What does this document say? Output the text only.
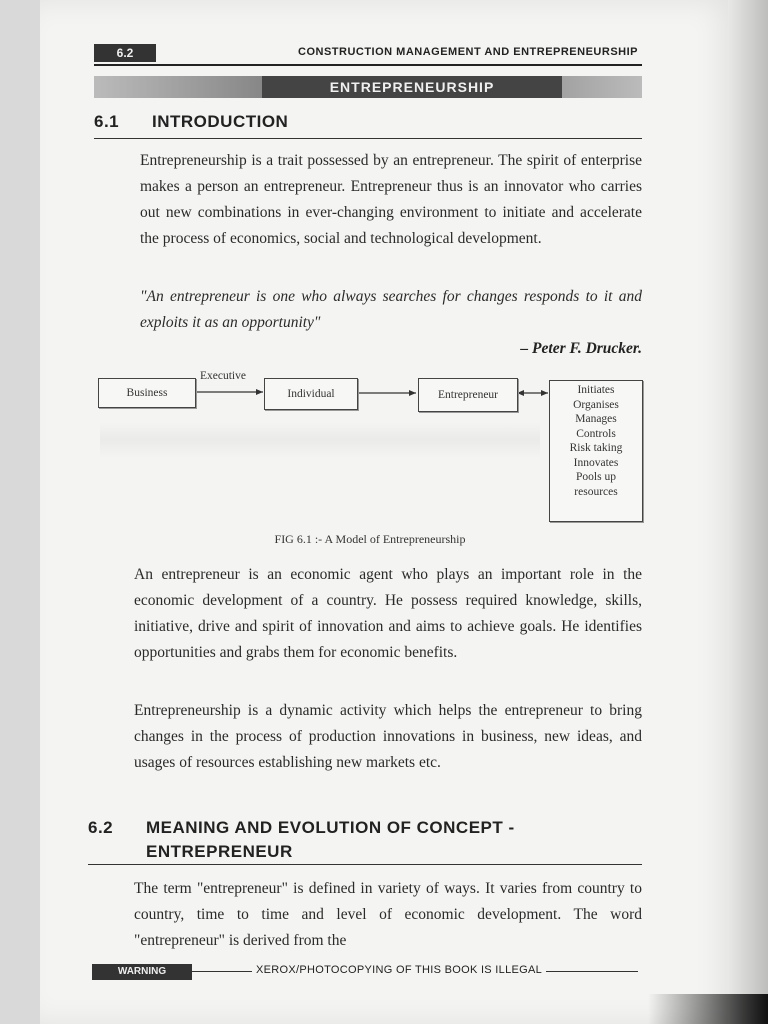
6.2	CONSTRUCTION MANAGEMENT AND ENTREPRENEURSHIP
ENTREPRENEURSHIP
6.1 INTRODUCTION

Entrepreneurship is a trait possessed by an entrepreneur. The spirit of enterprise makes a person an entrepreneur. Entrepreneur thus is an innovator who carries out new combinations in ever-changing environment to initiate and accelerate the process of economics, social and technological development.

"An entrepreneur is one who always searches for changes responds to it and exploits it as an opportunity"

– Peter F. Drucker.
Business
Executive
Individual	Entrepreneur	Initiates
Organises
Manages
Controls
Risk taking
Innovates
Pools up
resources
FIG 6.1 :- A Model of Entrepreneurship

An entrepreneur is an economic agent who plays an important role in the economic development of a country. He possess required knowledge, skills, initiative, drive and spirit of innovation and aims to achieve goals. He identifies opportunities and grabs them for economic benefits.

Entrepreneurship is a dynamic activity which helps the entrepreneur to bring changes in the process of production innovations in business, new ideas, and usages of resources establishing new markets etc.

6.2 MEANING AND EVOLUTION OF CONCEPT -
ENTREPRENEUR

The term "entrepreneur" is defined in variety of ways. It varies from country to country, time to time and level of economic development. The word "entrepreneur" is derived from the

WARNING	XEROX/PHOTOCOPYING OF THIS BOOK IS ILLEGAL
